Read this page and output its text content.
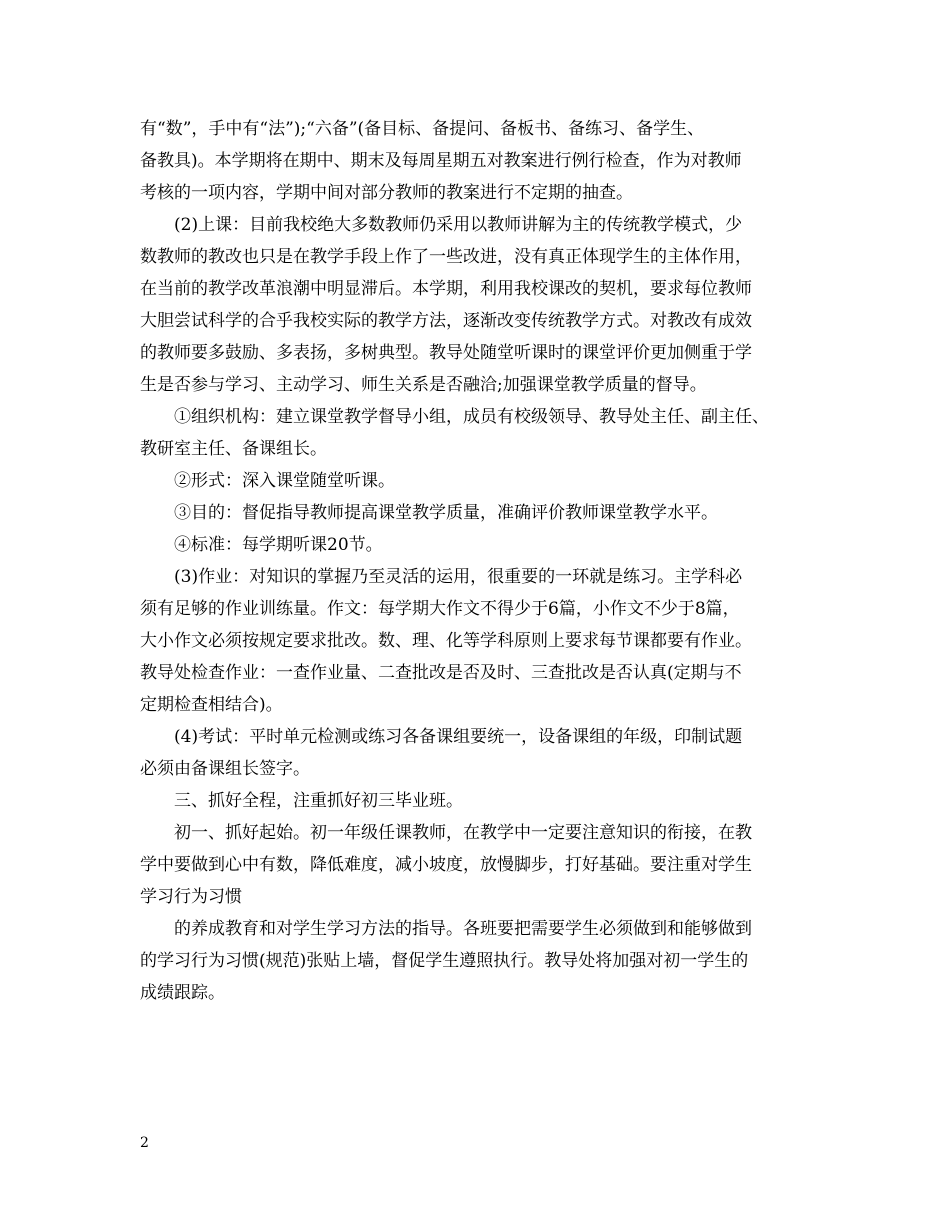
有“数”，手中有“法”);“六备”(备目标、备提问、备板书、备练习、备学生、
备教具)。本学期将在期中、期末及每周星期五对教案进行例行检查，作为对教师
考核的一项内容，学期中间对部分教师的教案进行不定期的抽查。
(2)上课：目前我校绝大多数教师仍采用以教师讲解为主的传统教学模式，少
数教师的教改也只是在教学手段上作了一些改进，没有真正体现学生的主体作用，
在当前的教学改革浪潮中明显滞后。本学期，利用我校课改的契机，要求每位教师
大胆尝试科学的合乎我校实际的教学方法，逐渐改变传统教学方式。对教改有成效
的教师要多鼓励、多表扬，多树典型。教导处随堂听课时的课堂评价更加侧重于学
生是否参与学习、主动学习、师生关系是否融洽;加强课堂教学质量的督导。
①组织机构：建立课堂教学督导小组，成员有校级领导、教导处主任、副主任、
教研室主任、备课组长。
②形式：深入课堂随堂听课。
③目的：督促指导教师提高课堂教学质量，准确评价教师课堂教学水平。
④标准：每学期听课20节。
(3)作业：对知识的掌握乃至灵活的运用，很重要的一环就是练习。主学科必
须有足够的作业训练量。作文：每学期大作文不得少于6篇，小作文不少于8篇，
大小作文必须按规定要求批改。数、理、化等学科原则上要求每节课都要有作业。
教导处检查作业：一查作业量、二查批改是否及时、三查批改是否认真(定期与不
定期检查相结合)。
(4)考试：平时单元检测或练习各备课组要统一，设备课组的年级，印制试题
必须由备课组长签字。
三、抓好全程，注重抓好初三毕业班。
初一、抓好起始。初一年级任课教师，在教学中一定要注意知识的衔接，在教
学中要做到心中有数，降低难度，减小坡度，放慢脚步，打好基础。要注重对学生
学习行为习惯
的养成教育和对学生学习方法的指导。各班要把需要学生必须做到和能够做到
的学习行为习惯(规范)张贴上墙，督促学生遵照执行。教导处将加强对初一学生的
成绩跟踪。
2
